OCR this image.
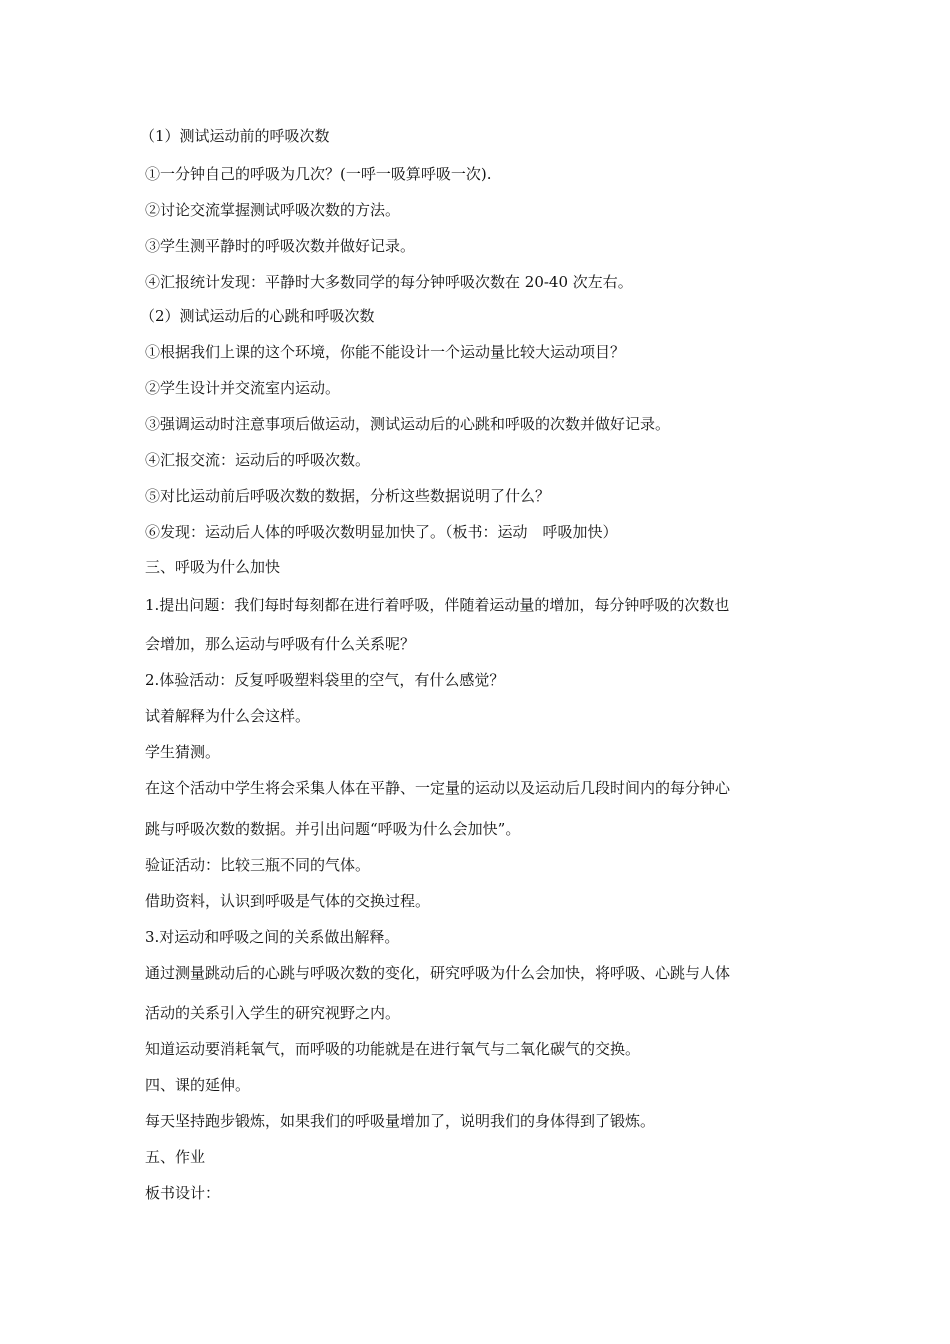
（1）测试运动前的呼吸次数
①一分钟自己的呼吸为几次？(一呼一吸算呼吸一次).
②讨论交流掌握测试呼吸次数的方法。
③学生测平静时的呼吸次数并做好记录。
④汇报统计发现：平静时大多数同学的每分钟呼吸次数在 20-40 次左右。
（2）测试运动后的心跳和呼吸次数
①根据我们上课的这个环境，你能不能设计一个运动量比较大运动项目？
②学生设计并交流室内运动。
③强调运动时注意事项后做运动，测试运动后的心跳和呼吸的次数并做好记录。
④汇报交流：运动后的呼吸次数。
⑤对比运动前后呼吸次数的数据，分析这些数据说明了什么？
⑥发现：运动后人体的呼吸次数明显加快了。（板书：运动　呼吸加快）
三、呼吸为什么加快
1.提出问题：我们每时每刻都在进行着呼吸，伴随着运动量的增加，每分钟呼吸的次数也
会增加，那么运动与呼吸有什么关系呢？
2.体验活动：反复呼吸塑料袋里的空气，有什么感觉？
试着解释为什么会这样。
学生猜测。
在这个活动中学生将会采集人体在平静、一定量的运动以及运动后几段时间内的每分钟心
跳与呼吸次数的数据。并引出问题“呼吸为什么会加快”。
验证活动：比较三瓶不同的气体。
借助资料，认识到呼吸是气体的交换过程。
3.对运动和呼吸之间的关系做出解释。
通过测量跳动后的心跳与呼吸次数的变化，研究呼吸为什么会加快，将呼吸、心跳与人体
活动的关系引入学生的研究视野之内。
知道运动要消耗氧气，而呼吸的功能就是在进行氧气与二氧化碳气的交换。
四、课的延伸。
每天坚持跑步锻炼，如果我们的呼吸量增加了，说明我们的身体得到了锻炼。
五、作业
板书设计：
